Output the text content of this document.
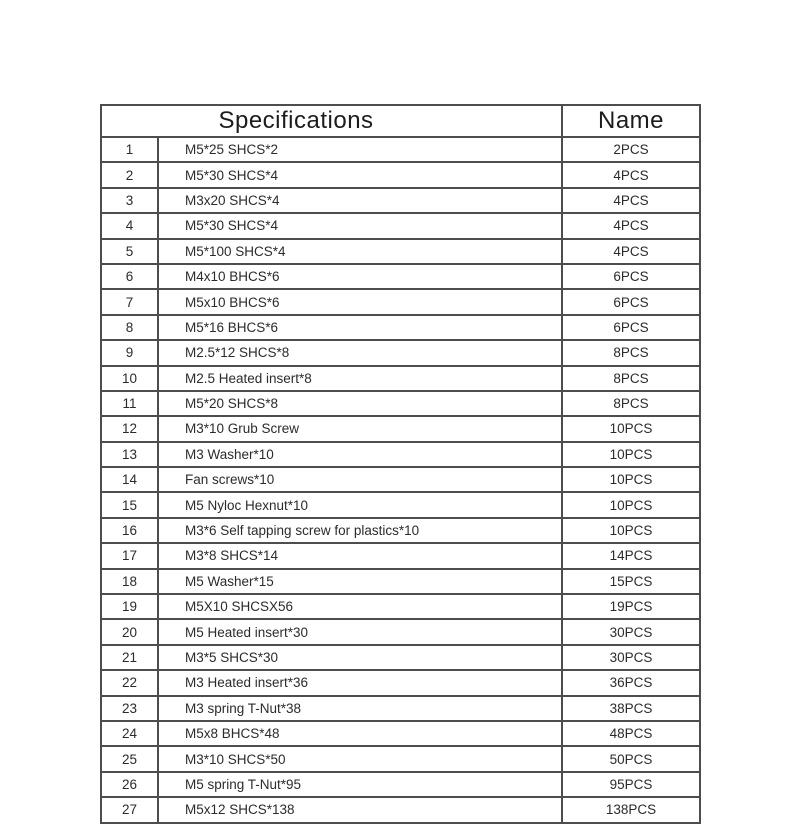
Specifications		Name
1	M5*25 SHCS*2	2PCS
2	M5*30 SHCS*4	4PCS
3	M3x20 SHCS*4	4PCS
4	M5*30 SHCS*4	4PCS
5	M5*100 SHCS*4	4PCS
6	M4x10 BHCS*6	6PCS
7	M5x10 BHCS*6	6PCS
8	M5*16 BHCS*6	6PCS
9	M2.5*12 SHCS*8	8PCS
10	M2.5 Heated insert*8	8PCS
11	M5*20 SHCS*8	8PCS
12	M3*10 Grub Screw	10PCS
13	M3 Washer*10	10PCS
14	Fan screws*10	10PCS
15	M5 Nyloc Hexnut*10	10PCS
16	M3*6 Self tapping screw for plastics*10	10PCS
17	M3*8 SHCS*14	14PCS
18	M5 Washer*15	15PCS
19	M5X10 SHCSX56	19PCS
20	M5 Heated insert*30	30PCS
21	M3*5 SHCS*30	30PCS
22	M3 Heated insert*36	36PCS
23	M3 spring T-Nut*38	38PCS
24	M5x8 BHCS*48	48PCS
25	M3*10 SHCS*50	50PCS
26	M5 spring T-Nut*95	95PCS
27	M5x12 SHCS*138	138PCS
